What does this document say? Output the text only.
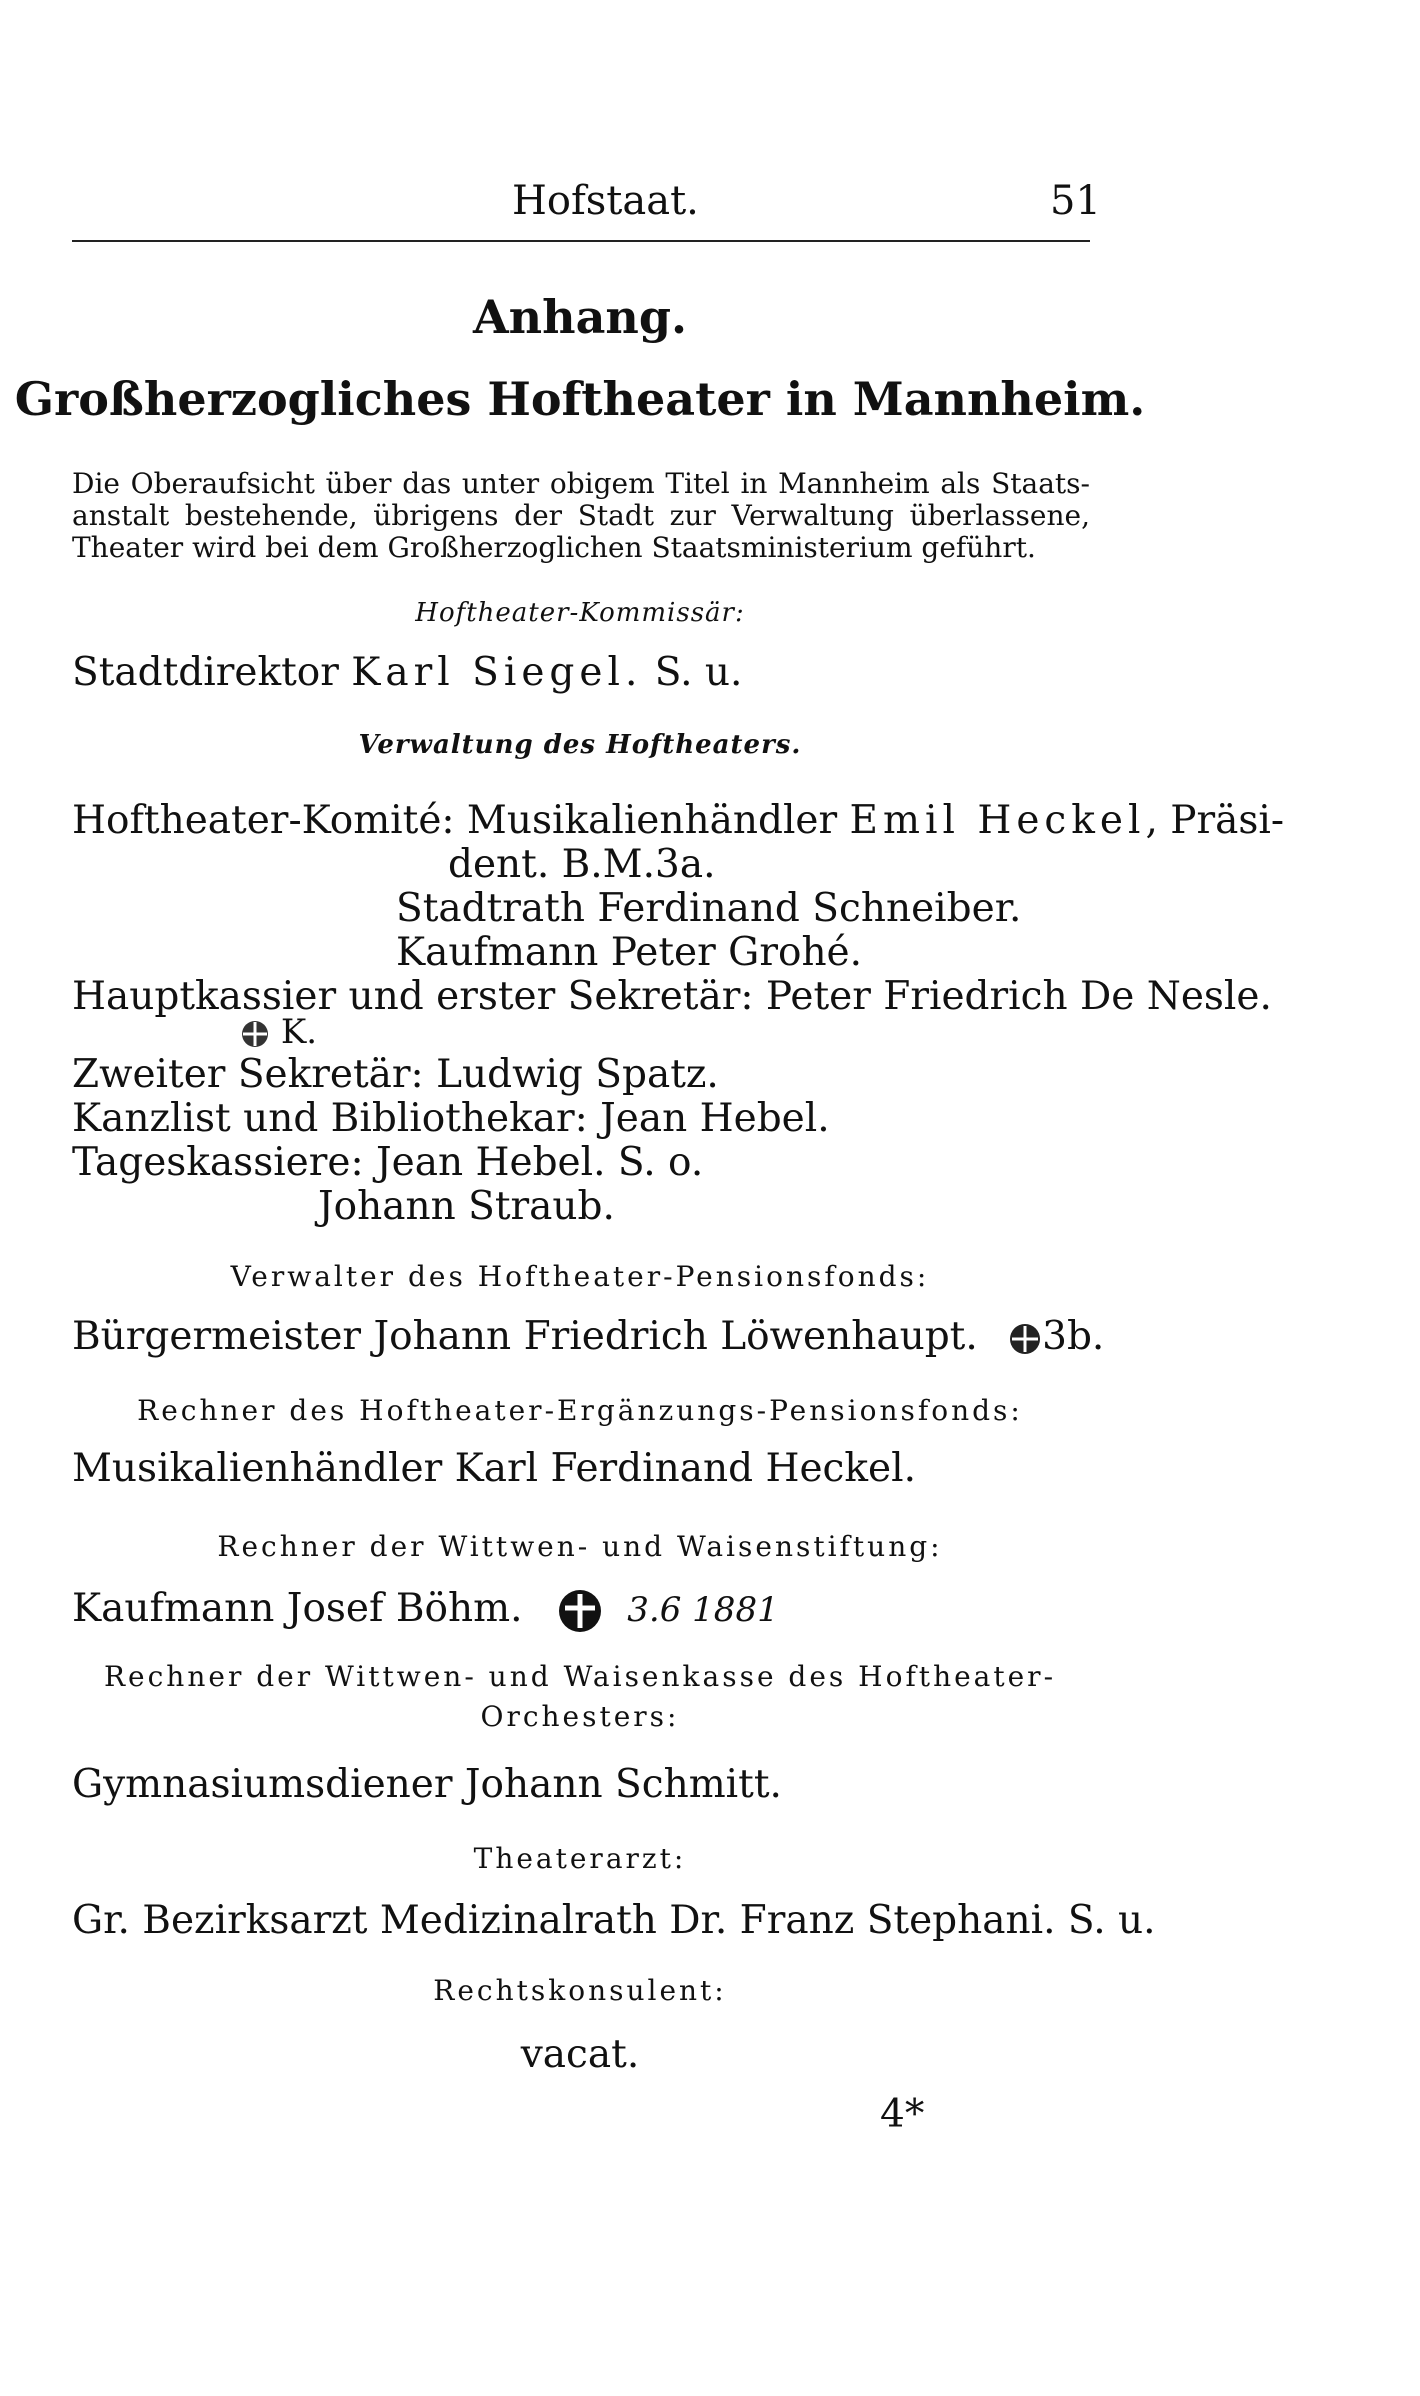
Hofstaat.	51
Anhang.
Großherzogliches Hoftheater in Mannheim.
Die Oberaufsicht über das unter obigem Titel in Mannheim als Staats-anstalt bestehende, übrigens der Stadt zur Verwaltung überlassene, Theater wird bei dem Großherzoglichen Staatsministerium geführt.
Hoftheater-Kommissär:
Stadtdirektor Karl Siegel. S. u.
Verwaltung des Hoftheaters.
Hoftheater-Komité: Musikalienhändler Emil Heckel, Präsi-
dent. B.M.3a.
Stadtrath Ferdinand Schneiber.
Kaufmann Peter Grohé.
Hauptkassier und erster Sekretär: Peter Friedrich De Nesle.
K.
Zweiter Sekretär: Ludwig Spatz.
Kanzlist und Bibliothekar: Jean Hebel.
Tageskassiere: Jean Hebel. S. o.
Johann Straub.
Verwalter des Hoftheater-Pensionsfonds:
Bürgermeister Johann Friedrich Löwenhaupt. 3b.
Rechner des Hoftheater-Ergänzungs-Pensionsfonds:
Musikalienhändler Karl Ferdinand Heckel.
Rechner der Wittwen- und Waisenstiftung:
Kaufmann Josef Böhm.	3.6 1881
Rechner der Wittwen- und Waisenkasse des Hoftheater-
Orchesters:
Gymnasiumsdiener Johann Schmitt.
Theaterarzt:
Gr. Bezirksarzt Medizinalrath Dr. Franz Stephani. S. u.
Rechtskonsulent:
vacat.
4*
